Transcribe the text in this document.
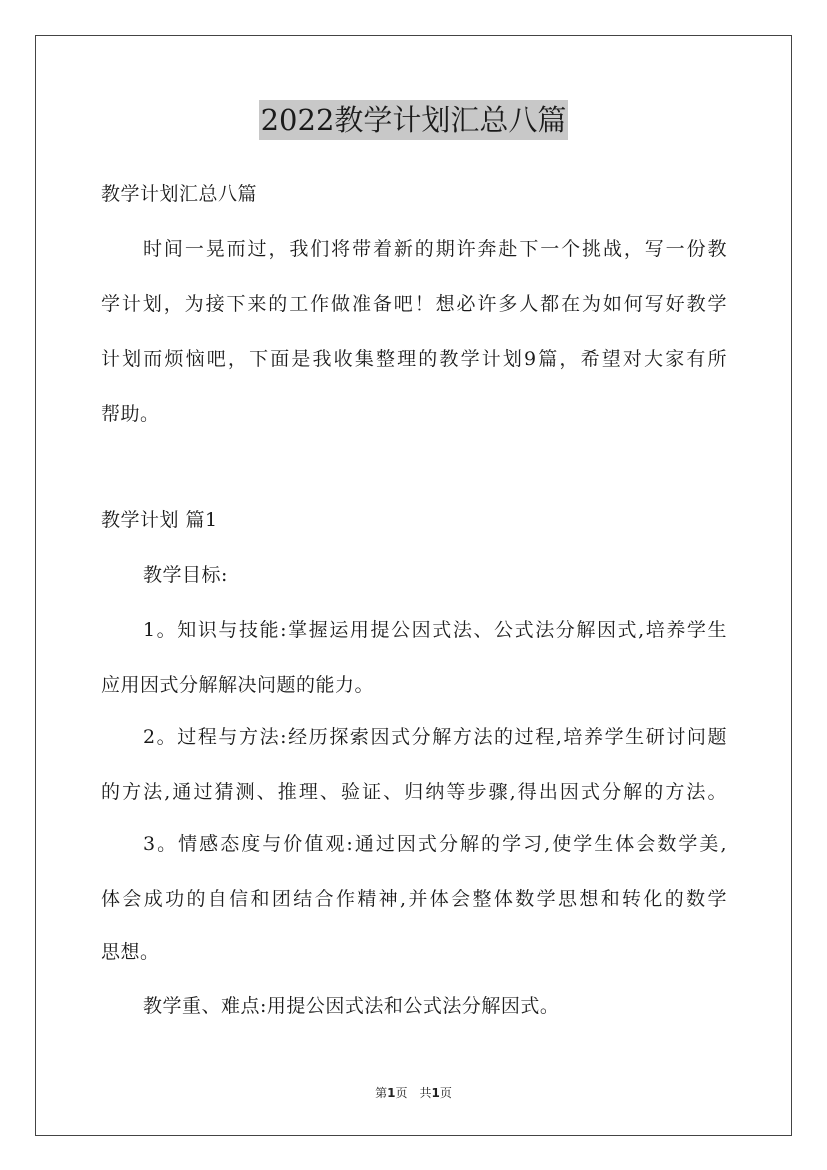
2022教学计划汇总八篇
教学计划汇总八篇
时间一晃而过，我们将带着新的期许奔赴下一个挑战，写一份教
学计划，为接下来的工作做准备吧！想必许多人都在为如何写好教学
计划而烦恼吧，下面是我收集整理的教学计划9篇，希望对大家有所
帮助。
教学计划 篇1
教学目标:
1。知识与技能:掌握运用提公因式法、公式法分解因式,培养学生
应用因式分解解决问题的能力。
2。过程与方法:经历探索因式分解方法的过程,培养学生研讨问题
的方法,通过猜测、推理、验证、归纳等步骤,得出因式分解的方法。
3。情感态度与价值观:通过因式分解的学习,使学生体会数学美,
体会成功的自信和团结合作精神,并体会整体数学思想和转化的数学
思想。
教学重、难点:用提公因式法和公式法分解因式。
第1页　共1页
